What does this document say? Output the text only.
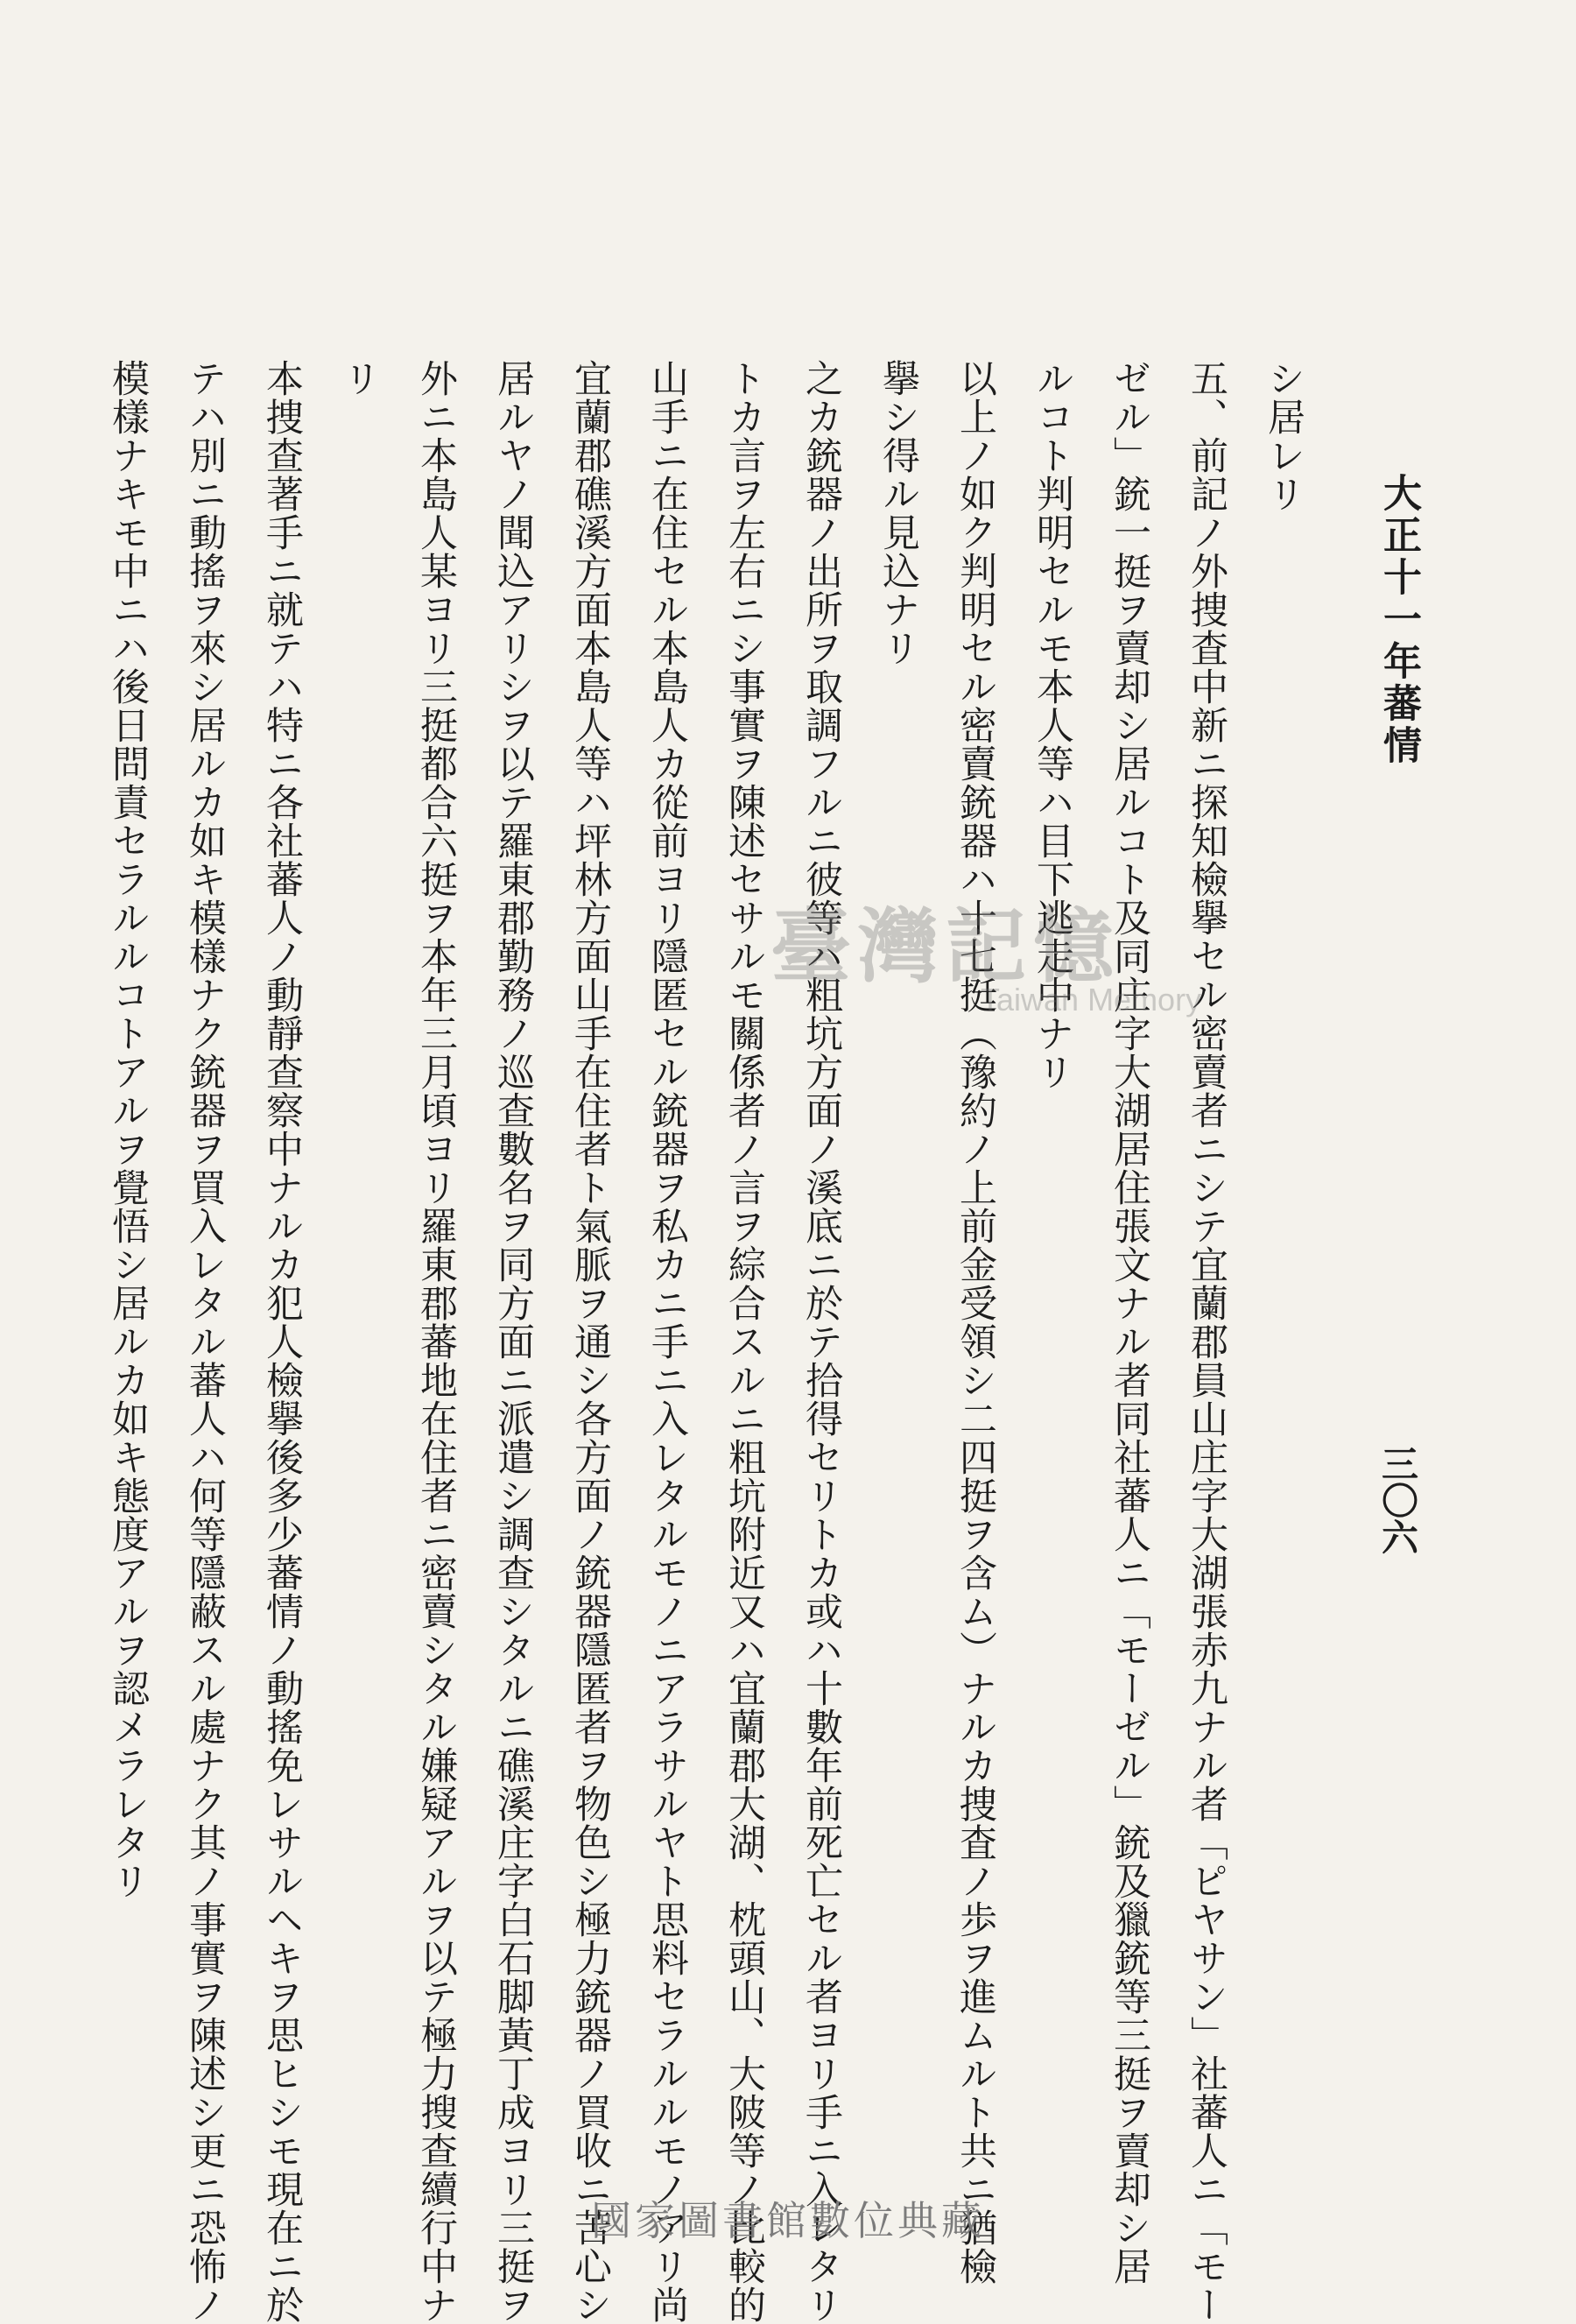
大正十一年蕃情
三〇六
シ居レリ
五、前記ノ外捜査中新ニ探知檢擧セル密賣者ニシテ宜蘭郡員山庄字大湖張赤九ナル者「ピヤサン」社蕃人ニ「モー
ゼル」銃一挺ヲ賣却シ居ルコト及同庄字大湖居住張文ナル者同社蕃人ニ「モーゼル」銃及獵銃等三挺ヲ賣却シ居
ルコト判明セルモ本人等ハ目下逃走中ナリ
以上ノ如ク判明セル密賣銃器ハ十七挺（豫約ノ上前金受領シ二四挺ヲ含ム）ナルカ捜査ノ歩ヲ進ムルト共ニ猶檢
擧シ得ル見込ナリ
之カ銃器ノ出所ヲ取調フルニ彼等ハ粗坑方面ノ溪底ニ於テ拾得セリトカ或ハ十數年前死亡セル者ヨリ手ニ入レタリ
トカ言ヲ左右ニシ事實ヲ陳述セサルモ關係者ノ言ヲ綜合スルニ粗坑附近又ハ宜蘭郡大湖、枕頭山、大陂等ノ比較的
山手ニ在住セル本島人カ從前ヨリ隱匿セル銃器ヲ私カニ手ニ入レタルモノニアラサルヤト思料セラルルモノアリ尚
宜蘭郡礁溪方面本島人等ハ坪林方面山手在住者ト氣脈ヲ通シ各方面ノ銃器隱匿者ヲ物色シ極力銃器ノ買收ニ苦心シ
居ルヤノ聞込アリシヲ以テ羅東郡勤務ノ巡查數名ヲ同方面ニ派遣シ調查シタルニ礁溪庄字白石脚黃丁成ヨリ三挺ヲ
外ニ本島人某ヨリ三挺都合六挺ヲ本年三月頃ヨリ羅東郡蕃地在住者ニ密賣シタル嫌疑アルヲ以テ極力搜查續行中ナ
リ
本捜查著手ニ就テハ特ニ各社蕃人ノ動靜查察中ナルカ犯人檢擧後多少蕃情ノ動搖免レサルヘキヲ思ヒシモ現在ニ於
テハ別ニ動搖ヲ來シ居ルカ如キ模樣ナク銃器ヲ買入レタル蕃人ハ何等隱蔽スル處ナク其ノ事實ヲ陳述シ更ニ恐怖ノ
模樣ナキモ中ニハ後日問責セラルルコトアルヲ覺悟シ居ルカ如キ態度アルヲ認メラレタリ	臺灣記憶
Taiwan Memory
國家圖書館數位典藏
